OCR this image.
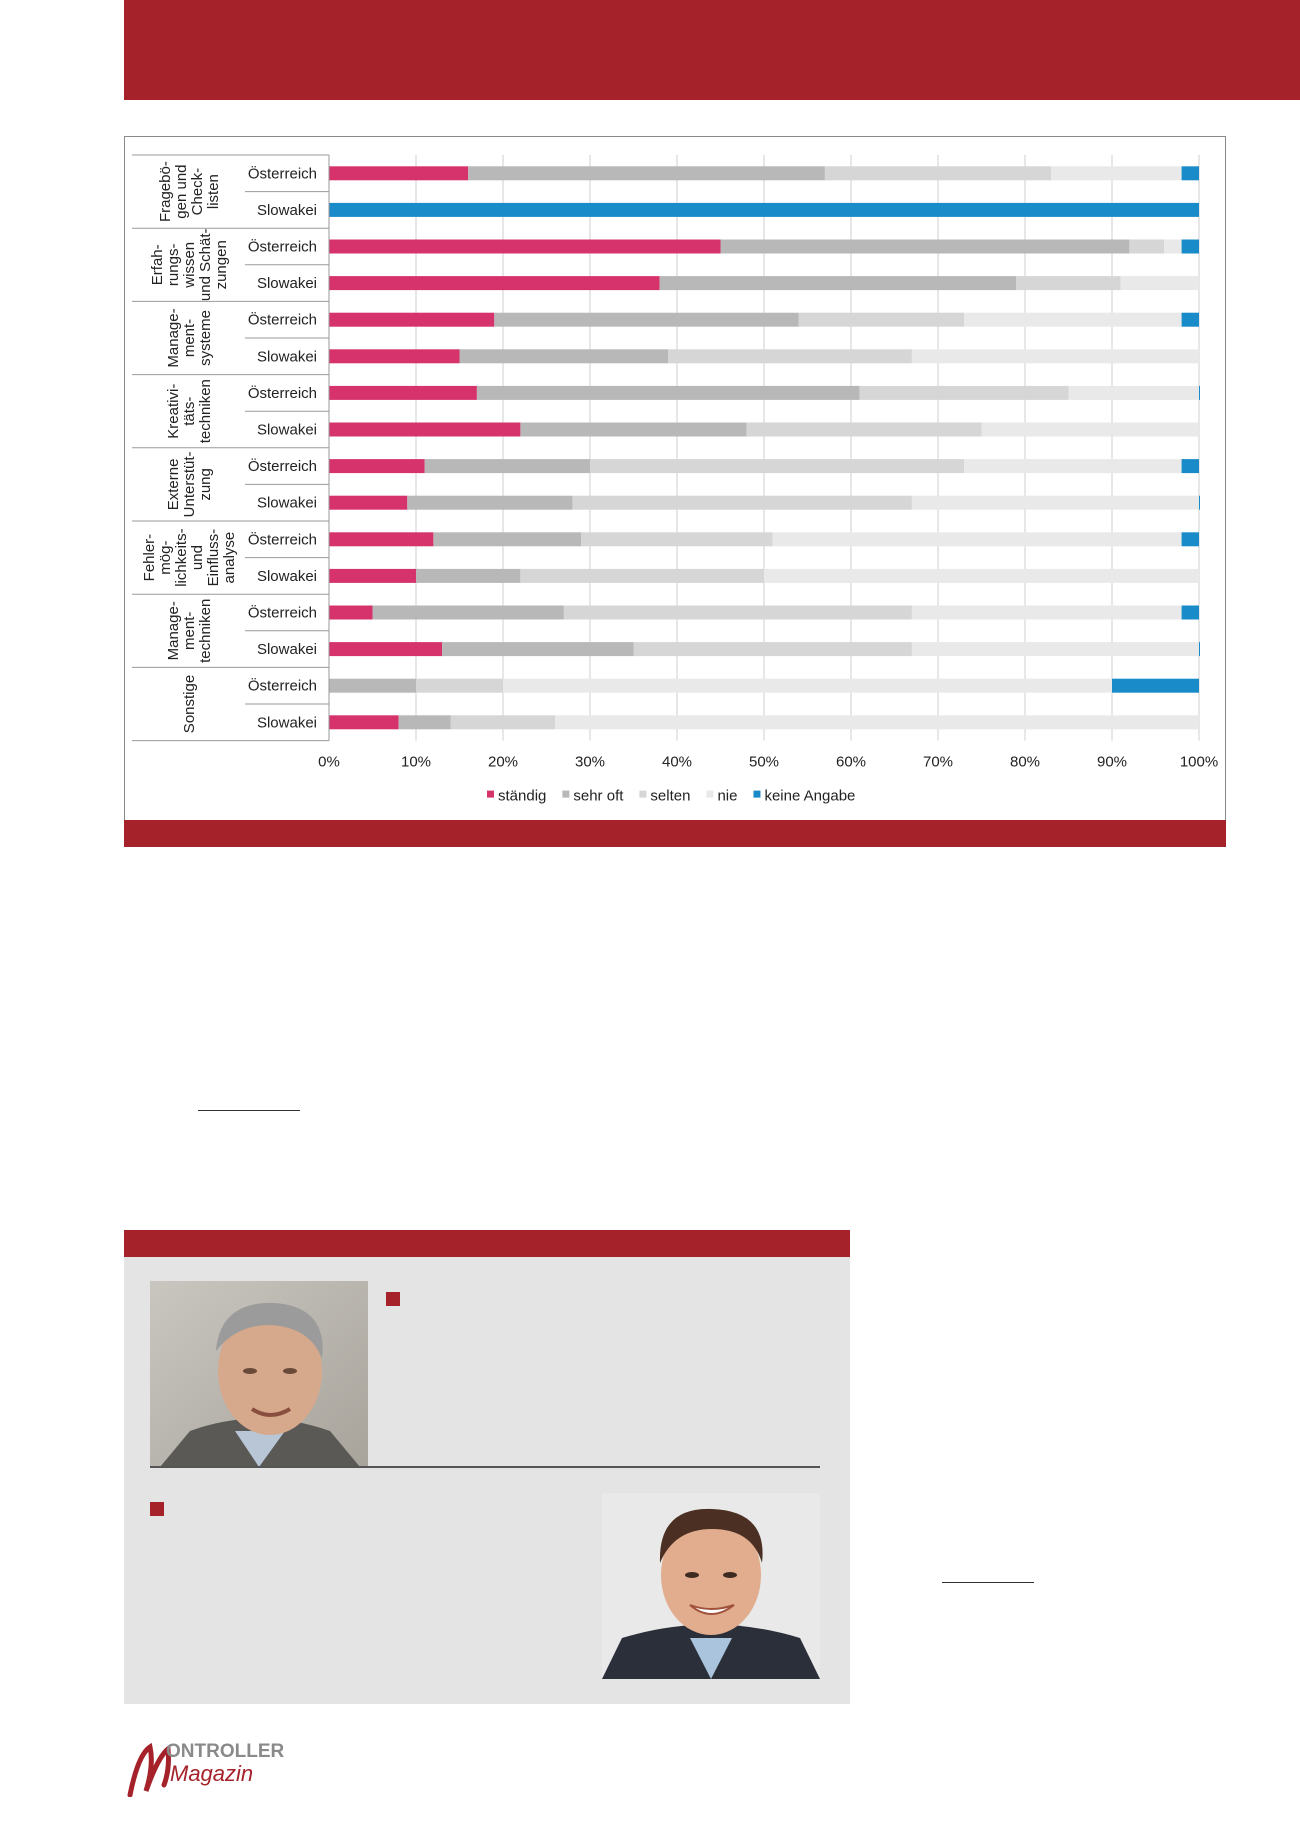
Österreich
Slowakei
Fragebö-gen undCheck-listen
Österreich
Slowakei
Erfah-rungs-wissenund Schät-zungen
Österreich
Slowakei
Manage-ment-systeme
Österreich
Slowakei
Kreativi-täts-techniken
Österreich
Slowakei
ExterneUnterstüt-zung
Österreich
Slowakei
Fehler-mög-lichkeits-undEinfluss-analyse
Österreich
Slowakei
Manage-ment-techniken
Österreich
Slowakei
Sonstige
0%	10%	20%	30%	40%	50%	60%	70%	80%	90%	100%
ständig sehr oft selten nie keine Angabe
ONTROLLER
Magazin
